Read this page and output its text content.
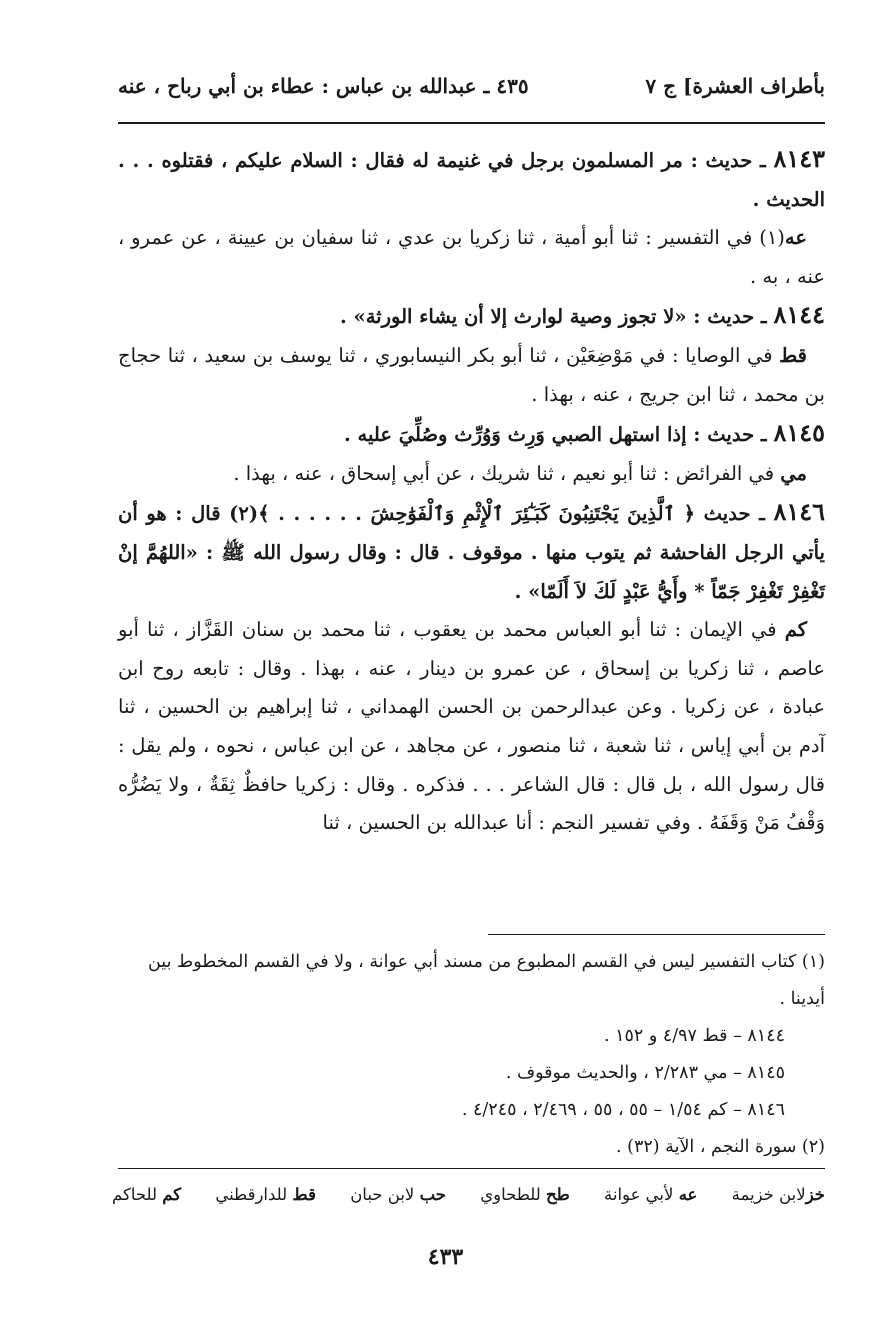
بأطراف العشرة] ج ٧
٤٣٥ ـ عبدالله بن عباس : عطاء بن أبي رباح ، عنه

٨١٤٣ ـ حديث : مر المسلمون برجل في غنيمة له فقال : السلام عليكم ، فقتلوه . . . الحديث .

عه(١) في التفسير : ثنا أبو أمية ، ثنا زكريا بن عدي ، ثنا سفيان بن عيينة ، عن عمرو ، عنه ، به .

٨١٤٤ ـ حديث : «لا تجوز وصية لوارث إلا أن يشاء الورثة» .

قط في الوصايا : في مَوْضِعَيْن ، ثنا أبو بكر النيسابوري ، ثنا يوسف بن سعيد ، ثنا حجاج بن محمد ، ثنا ابن جريج ، عنه ، بهذا .

٨١٤٥ ـ حديث : إذا استهل الصبي وَرِث وَوُرِّث وصُلِّيَ عليه .

مي في الفرائض : ثنا أبو نعيم ، ثنا شريك ، عن أبي إسحاق ، عنه ، بهذا .

٨١٤٦ ـ حديث ﴿ ٱلَّذِينَ يَجْتَنِبُونَ كَبَـٰٓئِرَ ٱلْإِثْمِ وَٱلْفَوَٰحِشَ . . . . . . ﴾(٢) قال : هو أن يأتي الرجل الفاحشة ثم يتوب منها . موقوف . قال : وقال رسول الله ﷺ : «اللهُمَّ إنْ تَغْفِرْ تَغْفِرْ جَمّاً * وأَيُّ عَبْدٍ لَكَ لاَ أَلَمّا» .

كم في الإيمان : ثنا أبو العباس محمد بن يعقوب ، ثنا محمد بن سنان القَزَّاز ، ثنا أبو عاصم ، ثنا زكريا بن إسحاق ، عن عمرو بن دينار ، عنه ، بهذا . وقال : تابعه روح ابن عبادة ، عن زكريا . وعن عبدالرحمن بن الحسن الهمداني ، ثنا إبراهيم بن الحسين ، ثنا آدم بن أبي إياس ، ثنا شعبة ، ثنا منصور ، عن مجاهد ، عن ابن عباس ، نحوه ، ولم يقل : قال رسول الله ، بل قال : قال الشاعر . . . فذكره . وقال : زكريا حافظٌ ثِقَةٌ ، ولا يَضُرُّه وَقْفُ مَنْ وَقَفَهُ . وفي تفسير النجم : أنا عبدالله بن الحسين ، ثنا

(١) كتاب التفسير ليس في القسم المطبوع من مسند أبي عوانة ، ولا في القسم المخطوط بين أيدينا .

٨١٤٤ – قط ٤/٩٧ و ١٥٢ .

٨١٤٥ – مي ٢/٢٨٣ ، والحديث موقوف .

٨١٤٦ – كم ١/٥٤ – ٥٥ ، ٥٥ ، ٢/٤٦٩ ، ٤/٢٤٥ .

(٢) سورة النجم ، الآية (٣٢) .

خزلابن خزيمة
عه لأبي عوانة
طح للطحاوي
حب لابن حبان
قط للدارقطني
كم للحاكم
٤٣٣
